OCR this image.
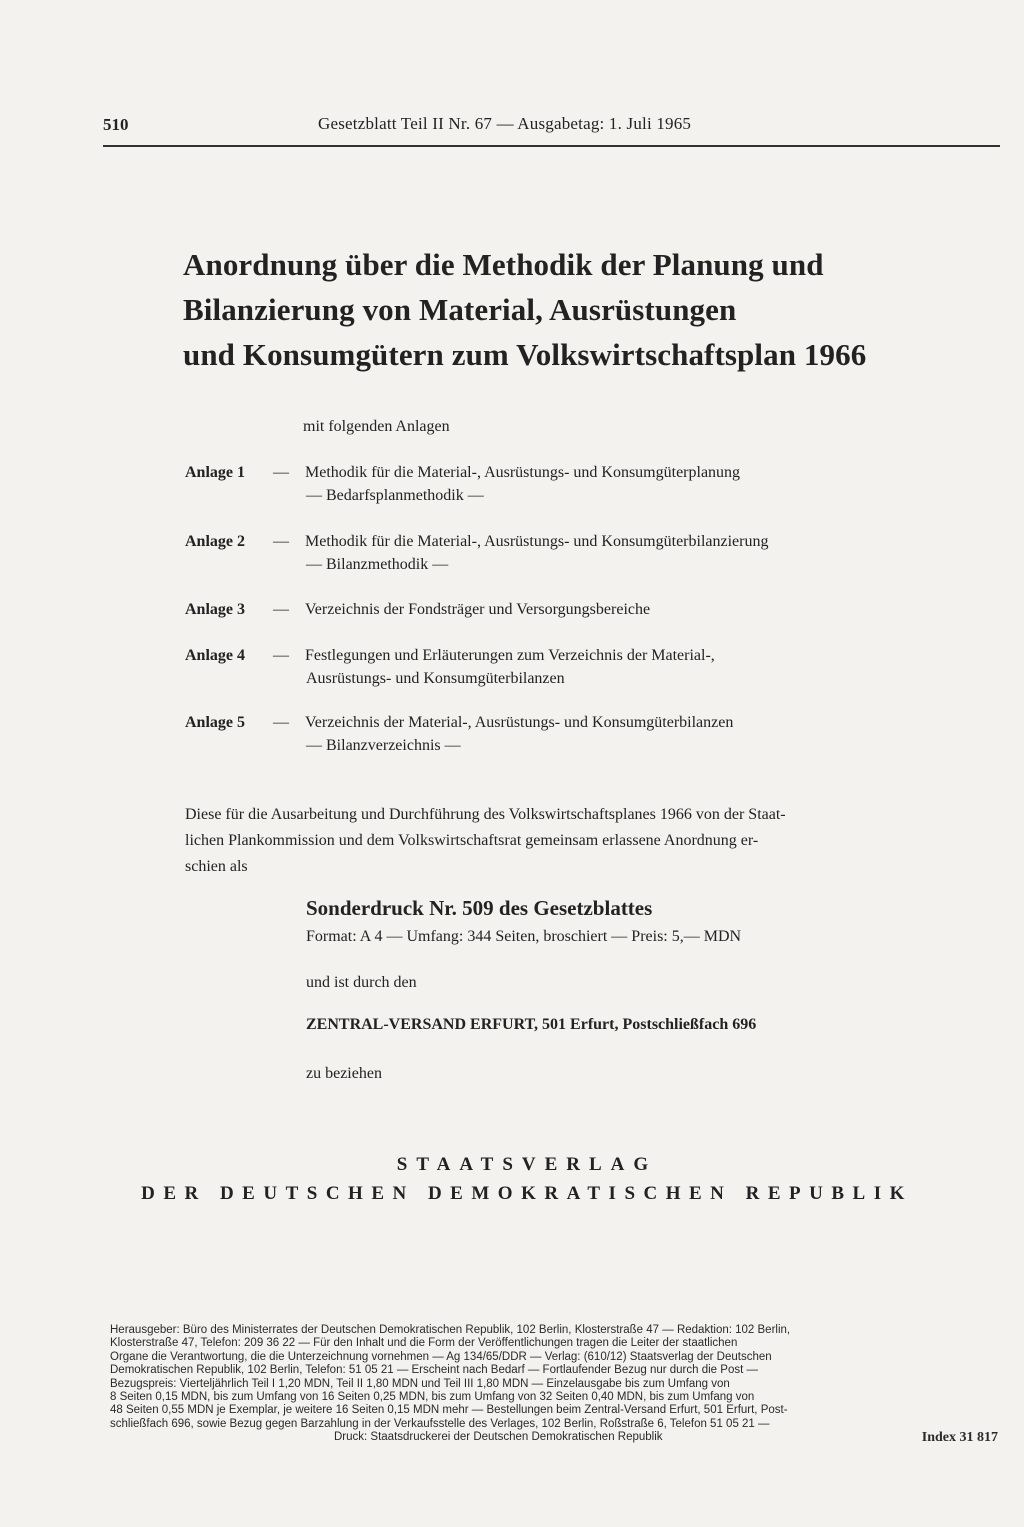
510	Gesetzblatt Teil II Nr. 67 — Ausgabetag: 1. Juli 1965
Anordnung über die Methodik der Planung und
Bilanzierung von Material, Ausrüstungen
und Konsumgütern zum Volkswirtschaftsplan 1966
mit folgenden Anlagen
Anlage 1	— Methodik für die Material-, Ausrüstungs- und Konsumgüterplanung
— Bedarfsplanmethodik —
Anlage 2	— Methodik für die Material-, Ausrüstungs- und Konsumgüterbilanzierung
— Bilanzmethodik —
Anlage 3	— Verzeichnis der Fondsträger und Versorgungsbereiche
Anlage 4	— Festlegungen und Erläuterungen zum Verzeichnis der Material-,
Ausrüstungs- und Konsumgüterbilanzen
Anlage 5	— Verzeichnis der Material-, Ausrüstungs- und Konsumgüterbilanzen
— Bilanzverzeichnis —
Diese für die Ausarbeitung und Durchführung des Volkswirtschaftsplanes 1966 von der Staat-
lichen Plankommission und dem Volkswirtschaftsrat gemeinsam erlassene Anordnung er-
schien als
Sonderdruck Nr. 509 des Gesetzblattes
Format: A 4 — Umfang: 344 Seiten, broschiert — Preis: 5,— MDN
und ist durch den
ZENTRAL-VERSAND ERFURT, 501 Erfurt, Postschließfach 696
zu beziehen
STAATSVERLAG
DER DEUTSCHEN DEMOKRATISCHEN REPUBLIK
Herausgeber: Büro des Ministerrates der Deutschen Demokratischen Republik, 102 Berlin, Klosterstraße 47 — Redaktion: 102 Berlin,
Klosterstraße 47, Telefon: 209 36 22 — Für den Inhalt und die Form der Veröffentlichungen tragen die Leiter der staatlichen
Organe die Verantwortung, die die Unterzeichnung vornehmen — Ag 134/65/DDR — Verlag: (610/12) Staatsverlag der Deutschen
Demokratischen Republik, 102 Berlin, Telefon: 51 05 21 — Erscheint nach Bedarf — Fortlaufender Bezug nur durch die Post —
Bezugspreis: Vierteljährlich Teil I 1,20 MDN, Teil II 1,80 MDN und Teil III 1,80 MDN — Einzelausgabe bis zum Umfang von
8 Seiten 0,15 MDN, bis zum Umfang von 16 Seiten 0,25 MDN, bis zum Umfang von 32 Seiten 0,40 MDN, bis zum Umfang von
48 Seiten 0,55 MDN je Exemplar, je weitere 16 Seiten 0,15 MDN mehr — Bestellungen beim Zentral-Versand Erfurt, 501 Erfurt, Post-
schließfach 696, sowie Bezug gegen Barzahlung in der Verkaufsstelle des Verlages, 102 Berlin, Roßstraße 6, Telefon 51 05 21 —
Druck: Staatsdruckerei der Deutschen Demokratischen Republik	Index 31 817
